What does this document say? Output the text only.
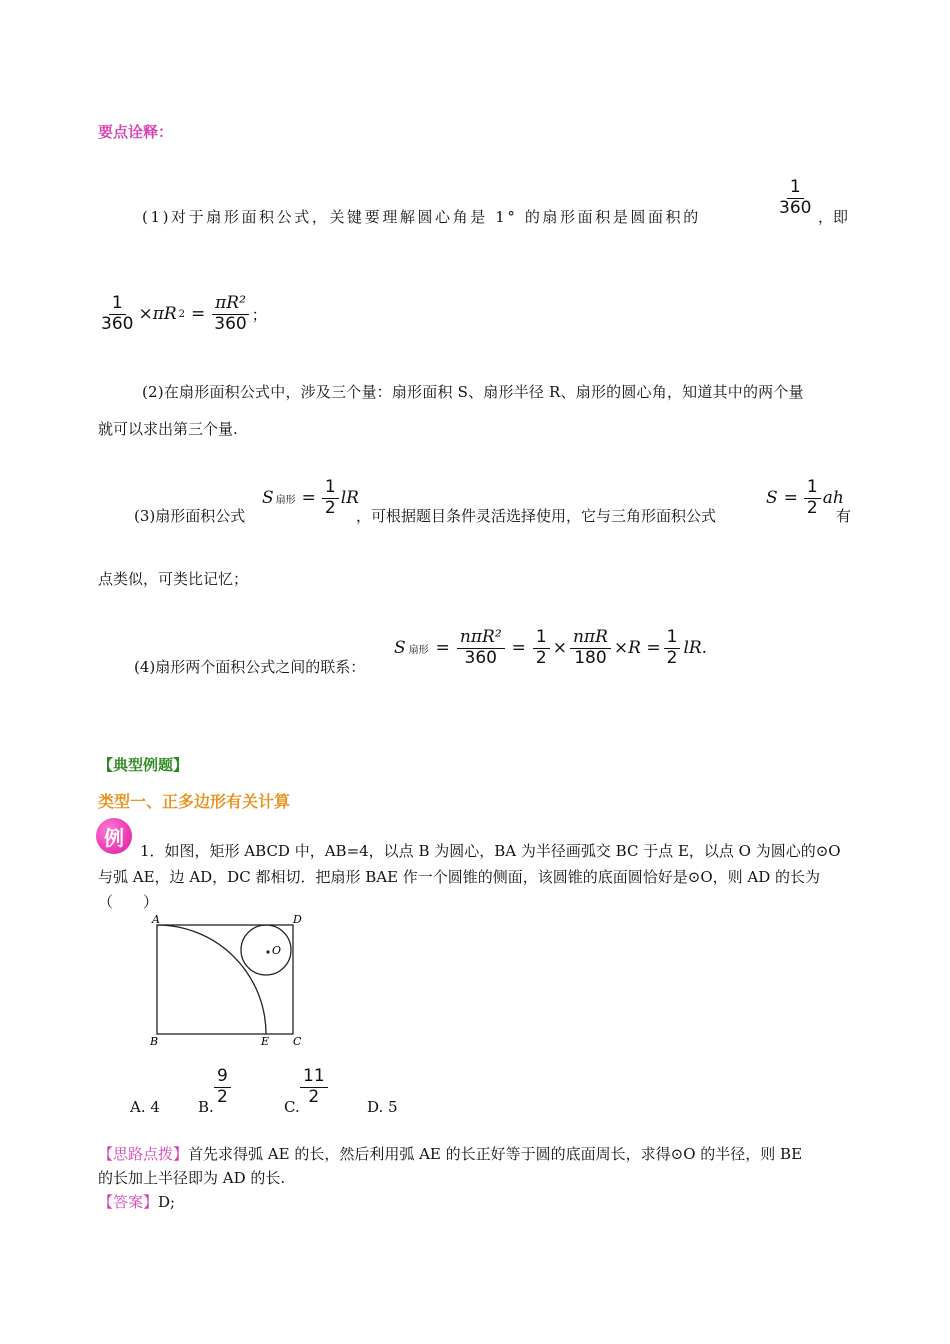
要点诠释：
(1)对于扇形面积公式，关键要理解圆心角是 1° 的扇形面积是圆面积的	$\frac{1}{360}$ ，即
$\frac{1}{360} \times\pi R$ $2 = \frac{\text{πR²}}{360}$ ；
(2)在扇形面积公式中，涉及三个量：扇形面积 S、扇形半径 R、扇形的圆心角，知道其中的两个量
就可以求出第三个量.
(3)扇形面积公式
S 扇形 = $\frac{1}{2}$ lR
，可根据题目条件灵活选择使用，它与三角形面积公式
$S = \frac{1}{2}$ ah
有
点类似，可类比记忆；
(4)扇形两个面积公式之间的联系：
S 扇形 = $\frac{\text{nπR²}}{360} = \frac{1}{2} \times \frac{\text{nπR}}{180} \times R = \frac{1}{2}$ lR.
【典型例题】
类型一、正多边形有关计算
例
1．如图，矩形 ABCD 中，AB=4，以点 B 为圆心，BA 为半径画弧交 BC 于点 E，以点 O 为圆心的⊙O
与弧 AE，边 AD，DC 都相切．把扇形 BAE 作一个圆锥的侧面，该圆锥的底面圆恰好是⊙O，则 AD 的长为
（　　）
A	D
B	E C
O
A. 4	B. $\frac{9}{2}$	C. $\frac{11}{2}$	D. 5
【思路点拨】首先求得弧 AE 的长，然后利用弧 AE 的长正好等于圆的底面周长，求得⊙O 的半径，则 BE
的长加上半径即为 AD 的长.
【答案】D;
